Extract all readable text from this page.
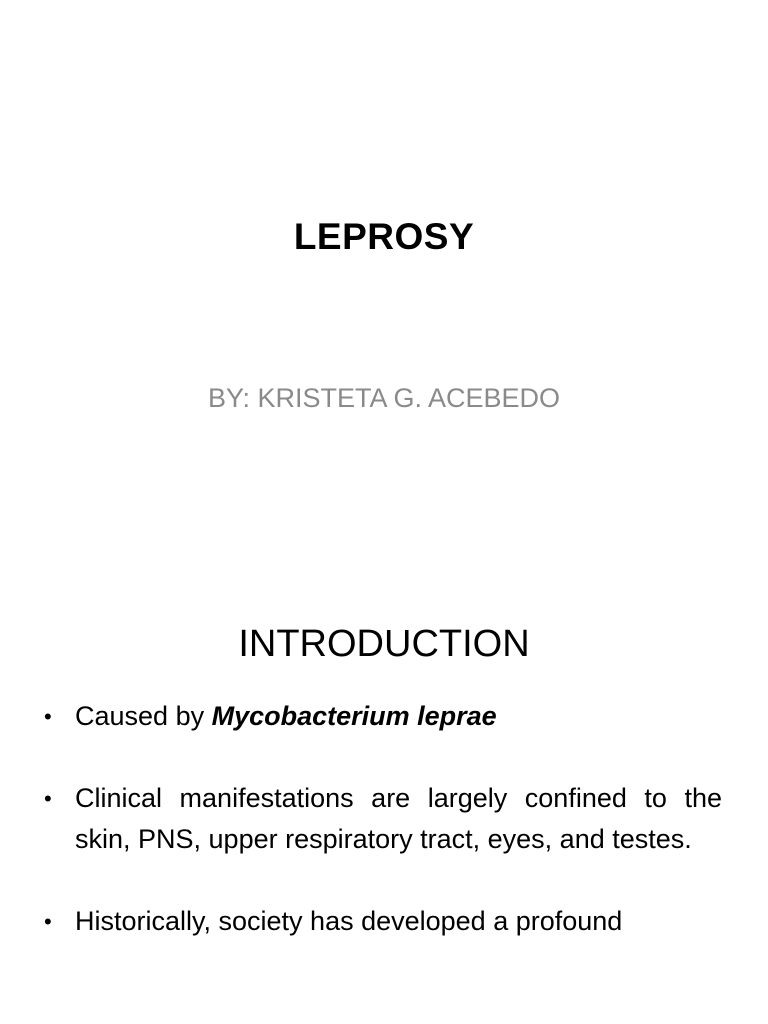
LEPROSY
BY: KRISTETA G. ACEBEDO
INTRODUCTION
• Caused by Mycobacterium leprae
• Clinical manifestations are largely confined to the skin, PNS, upper respiratory tract, eyes, and testes.
• Historically, society has developed a profound
